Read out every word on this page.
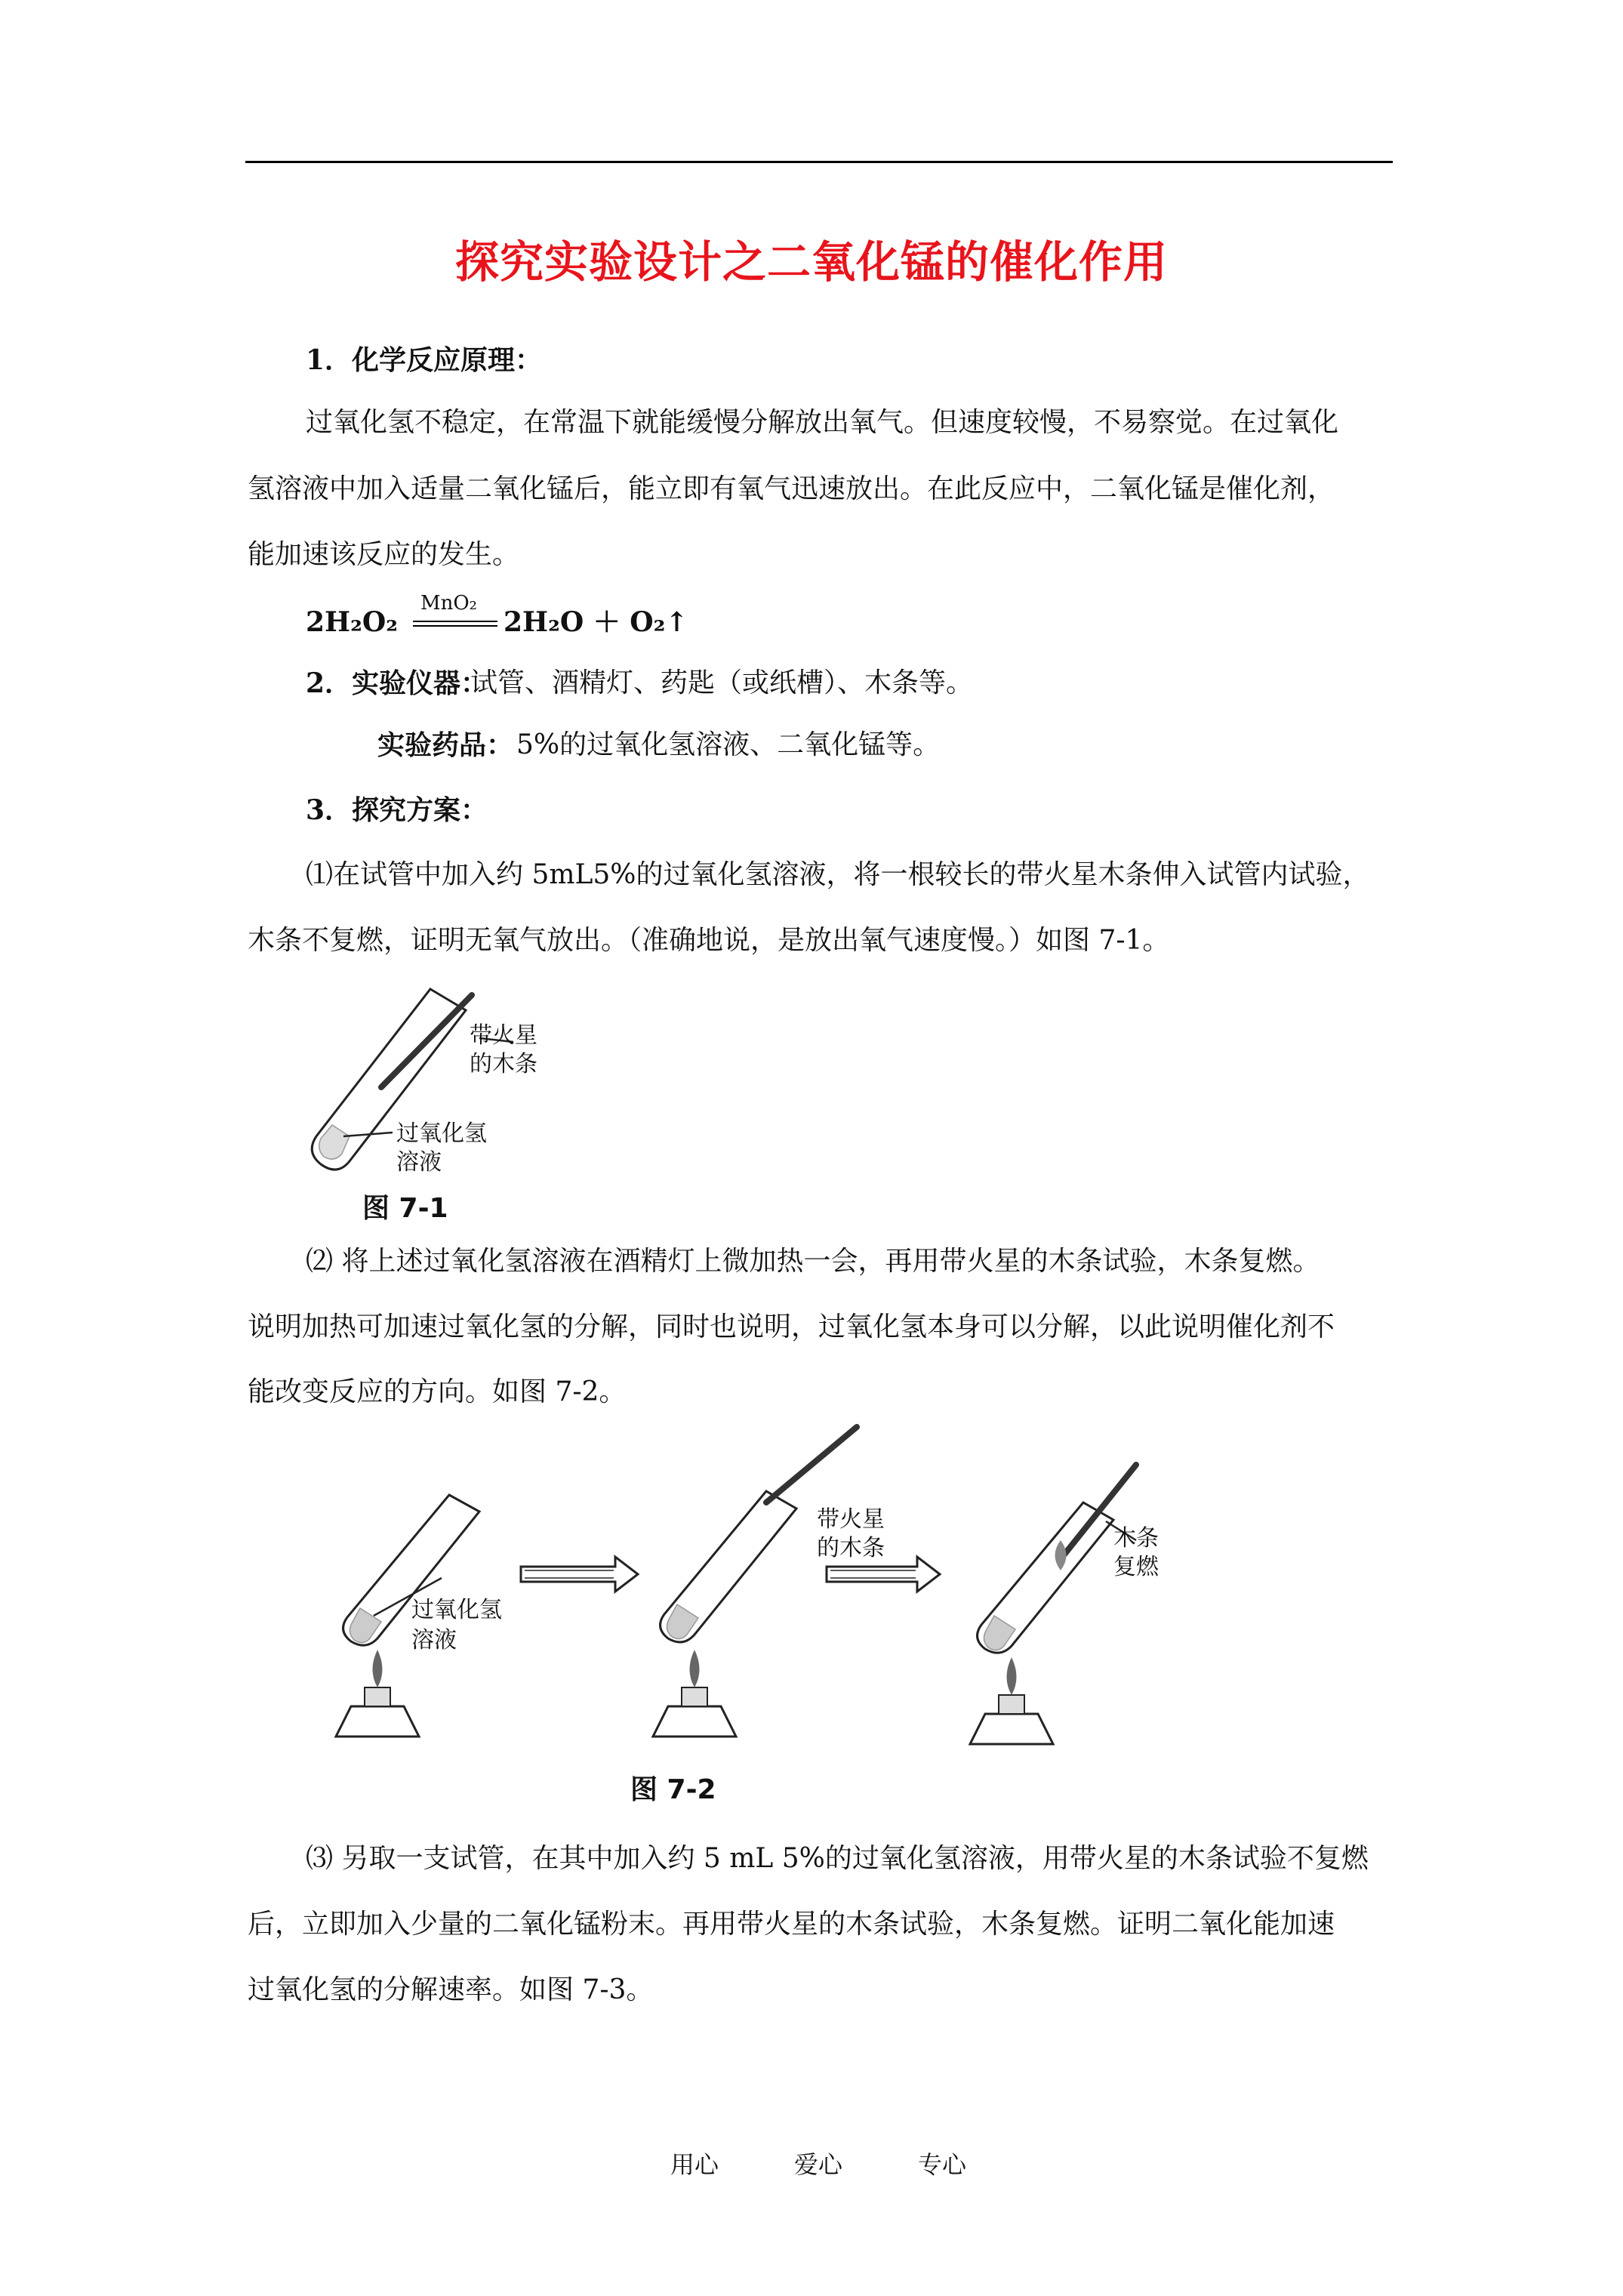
探究实验设计之二氧化锰的催化作用
1．化学反应原理：
过氧化氢不稳定，在常温下就能缓慢分解放出氧气。但速度较慢，不易察觉。在过氧化
氢溶液中加入适量二氧化锰后，能立即有氧气迅速放出。在此反应中，二氧化锰是催化剂，
能加速该反应的发生。
2H₂O₂
MnO₂
2H₂O ＋ O₂↑
2．实验仪器：
试管、酒精灯、药匙（或纸槽）、木条等。
实验药品： 5%的过氧化氢溶液、二氧化锰等。
3．探究方案：
⑴在试管中加入约 5mL5%的过氧化氢溶液，将一根较长的带火星木条伸入试管内试验，
木条不复燃，证明无氧气放出。（准确地说，是放出氧气速度慢。）如图 7-1。
带火星
的木条
过氧化氢
溶液
图 7-1
⑵ 将上述过氧化氢溶液在酒精灯上微加热一会，再用带火星的木条试验，木条复燃。
说明加热可加速过氧化氢的分解，同时也说明，过氧化氢本身可以分解，以此说明催化剂不
能改变反应的方向。如图 7-2。
过氧化氢
溶液
带火星
的木条	木条
复燃
图 7-2
⑶ 另取一支试管，在其中加入约 5 mL 5%的过氧化氢溶液，用带火星的木条试验不复燃
后，立即加入少量的二氧化锰粉末。再用带火星的木条试验，木条复燃。证明二氧化能加速
过氧化氢的分解速率。如图 7-3。
用心	爱心	专心
